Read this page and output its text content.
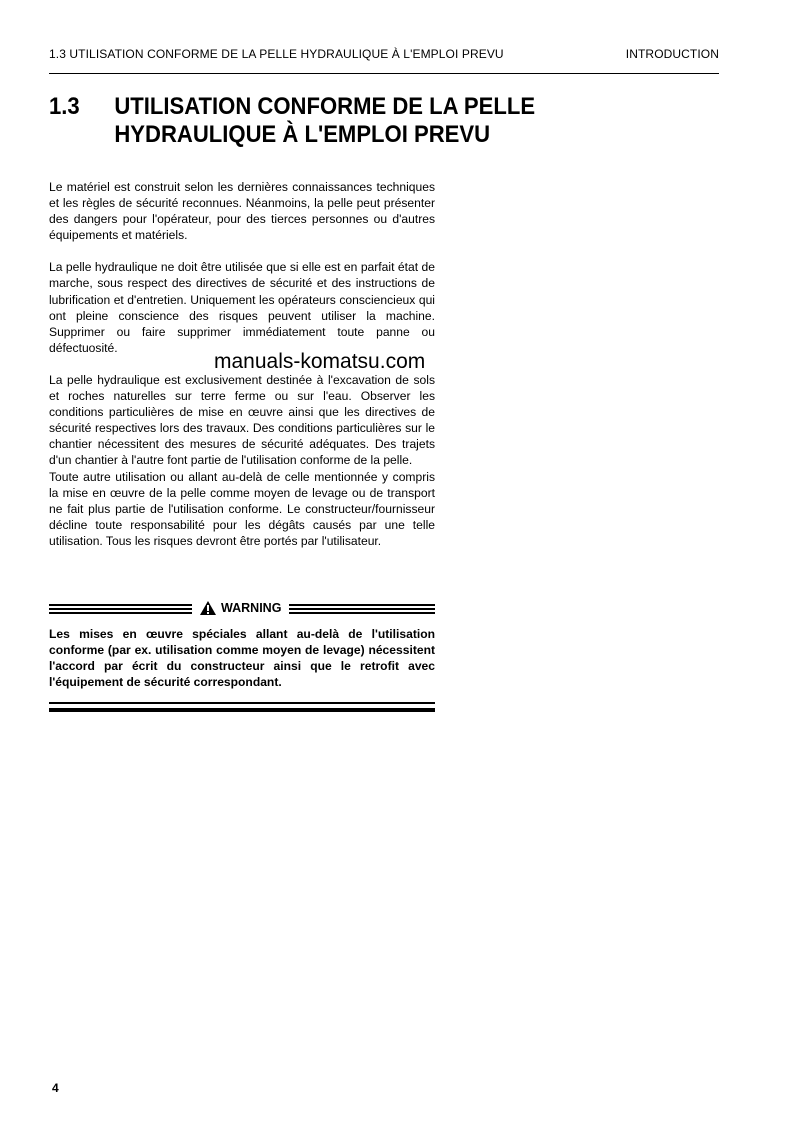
1.3 UTILISATION CONFORME DE LA PELLE HYDRAULIQUE À L'EMPLOI PREVU	INTRODUCTION
1.3 UTILISATION CONFORME DE LA PELLE HYDRAULIQUE À L'EMPLOI PREVU

Le matériel est construit selon les dernières connaissances techniques et les règles de sécurité reconnues. Néanmoins, la pelle peut présenter des dangers pour l'opérateur, pour des tierces personnes ou d'autres équipements et matériels.

La pelle hydraulique ne doit être utilisée que si elle est en parfait état de marche, sous respect des directives de sécurité et des instructions de lubrification et d'entretien. Uniquement les opérateurs consciencieux qui ont pleine conscience des risques peuvent utiliser la machine. Supprimer ou faire supprimer immédiatement toute panne ou défectuosité.

La pelle hydraulique est exclusivement destinée à l'excavation de sols et roches naturelles sur terre ferme ou sur l'eau. Observer les conditions particulières de mise en œuvre ainsi que les directives de sécurité respectives lors des travaux. Des conditions particulières sur le chantier nécessitent des mesures de sécurité adéquates. Des trajets d'un chantier à l'autre font partie de l'utilisation conforme de la pelle.

Toute autre utilisation ou allant au-delà de celle mentionnée y compris la mise en œuvre de la pelle comme moyen de levage ou de transport ne fait plus partie de l'utilisation conforme. Le constructeur/fournisseur décline toute responsabilité pour les dégâts causés par une telle utilisation. Tous les risques devront être portés par l'utilisateur.

manuals-komatsu.com
WARNING
Les mises en œuvre spéciales allant au-delà de l'utilisation conforme (par ex. utilisation comme moyen de levage) nécessitent l'accord par écrit du constructeur ainsi que le retrofit avec l'équipement de sécurité correspondant.
4
